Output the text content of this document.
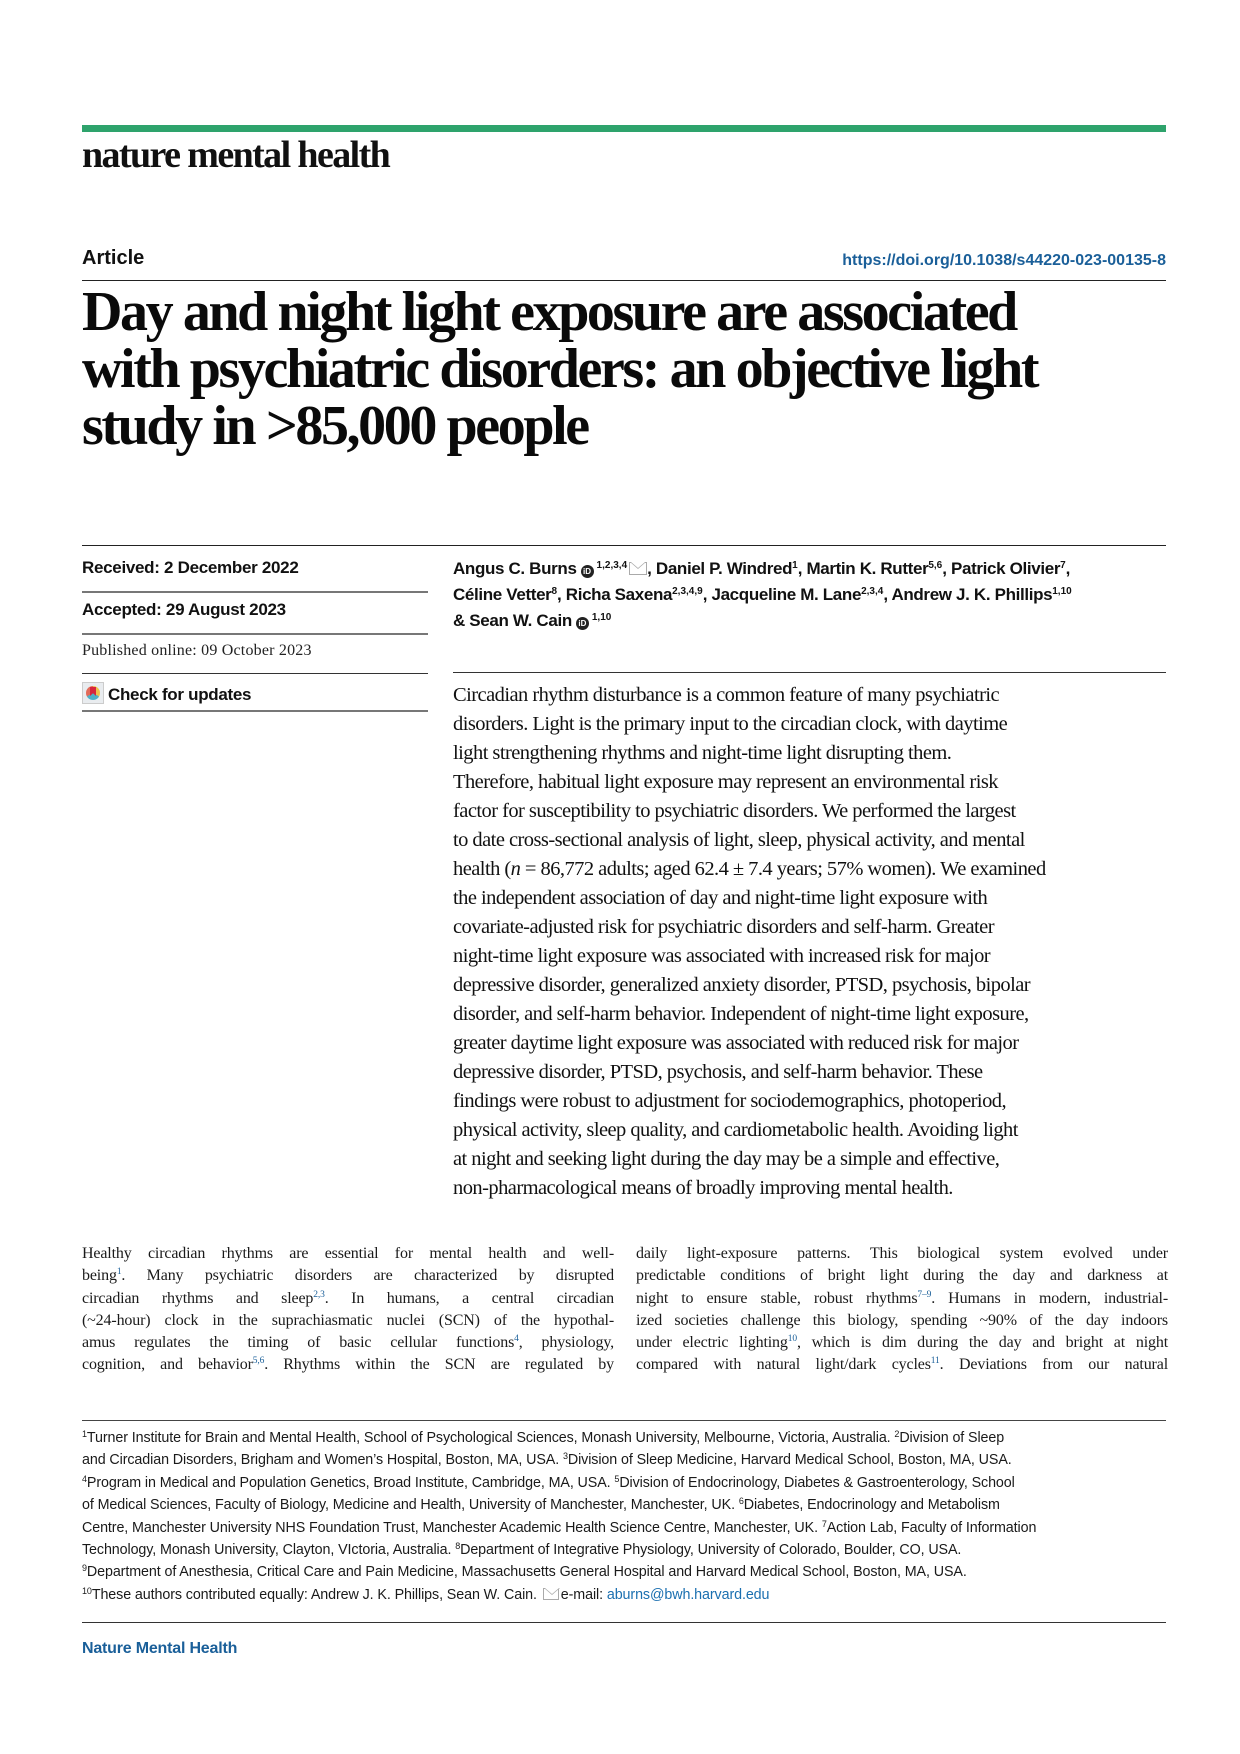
nature mental health
Article	https://doi.org/10.1038/s44220-023-00135-8
Day and night light exposure are associated
with psychiatric disorders: an objective light
study in >85,000 people
Received: 2 December 2022
Accepted: 29 August 2023
Published online: 09 October 2023
Check for updates
Angus C. Burns iD$^{1,2,3,4}$ , Daniel P. Windred$^1$, Martin K. Rutter$^{5,6}$, Patrick Olivier$^7$,
Céline Vetter$^8$, Richa Saxena$^{2,3,4,9}$, Jacqueline M. Lane$^{2,3,4}$, Andrew J. K. Phillips$^{1,10}$
& Sean W. Cain iD$^{1,10}$

Circadian rhythm disturbance is a common feature of many psychiatric

disorders. Light is the primary input to the circadian clock, with daytime

light strengthening rhythms and night-time light disrupting them.

Therefore, habitual light exposure may represent an environmental risk

factor for susceptibility to psychiatric disorders. We performed the largest

to date cross-sectional analysis of light, sleep, physical activity, and mental

health (n = 86,772 adults; aged 62.4 ± 7.4 years; 57% women). We examined

the independent association of day and night-time light exposure with

covariate-adjusted risk for psychiatric disorders and self-harm. Greater

night-time light exposure was associated with increased risk for major

depressive disorder, generalized anxiety disorder, PTSD, psychosis, bipolar

disorder, and self-harm behavior. Independent of night-time light exposure,

greater daytime light exposure was associated with reduced risk for major

depressive disorder, PTSD, psychosis, and self-harm behavior. These

findings were robust to adjustment for sociodemographics, photoperiod,

physical activity, sleep quality, and cardiometabolic health. Avoiding light

at night and seeking light during the day may be a simple and effective,

non-pharmacological means of broadly improving mental health.

Healthy circadian rhythms are essential for mental health and well-

being$^1$. Many psychiatric disorders are characterized by disrupted

circadian rhythms and sleep$^{2,3}$. In humans, a central circadian

(~24-hour) clock in the suprachiasmatic nuclei (SCN) of the hypothal-

amus regulates the timing of basic cellular functions$^4$, physiology,

cognition, and behavior$^{5,6}$. Rhythms within the SCN are regulated by

daily light-exposure patterns. This biological system evolved under

predictable conditions of bright light during the day and darkness at

night to ensure stable, robust rhythms$^{7-9}$. Humans in modern, industrial-

ized societies challenge this biology, spending ~90% of the day indoors

under electric lighting$^{10}$, which is dim during the day and bright at night

compared with natural light/dark cycles$^{11}$. Deviations from our natural

$^1$Turner Institute for Brain and Mental Health, School of Psychological Sciences, Monash University, Melbourne, Victoria, Australia. $^2$Division of Sleep

and Circadian Disorders, Brigham and Women’s Hospital, Boston, MA, USA. $^3$Division of Sleep Medicine, Harvard Medical School, Boston, MA, USA.

$^4$Program in Medical and Population Genetics, Broad Institute, Cambridge, MA, USA. $^5$Division of Endocrinology, Diabetes & Gastroenterology, School

of Medical Sciences, Faculty of Biology, Medicine and Health, University of Manchester, Manchester, UK. $^6$Diabetes, Endocrinology and Metabolism

Centre, Manchester University NHS Foundation Trust, Manchester Academic Health Science Centre, Manchester, UK. $^7$Action Lab, Faculty of Information

Technology, Monash University, Clayton, VIctoria, Australia. $^8$Department of Integrative Physiology, University of Colorado, Boulder, CO, USA.

$^9$Department of Anesthesia, Critical Care and Pain Medicine, Massachusetts General Hospital and Harvard Medical School, Boston, MA, USA.

$^{10}$These authors contributed equally: Andrew J. K. Phillips, Sean W. Cain. e-mail: aburns@bwh.harvard.edu

Nature Mental Health
